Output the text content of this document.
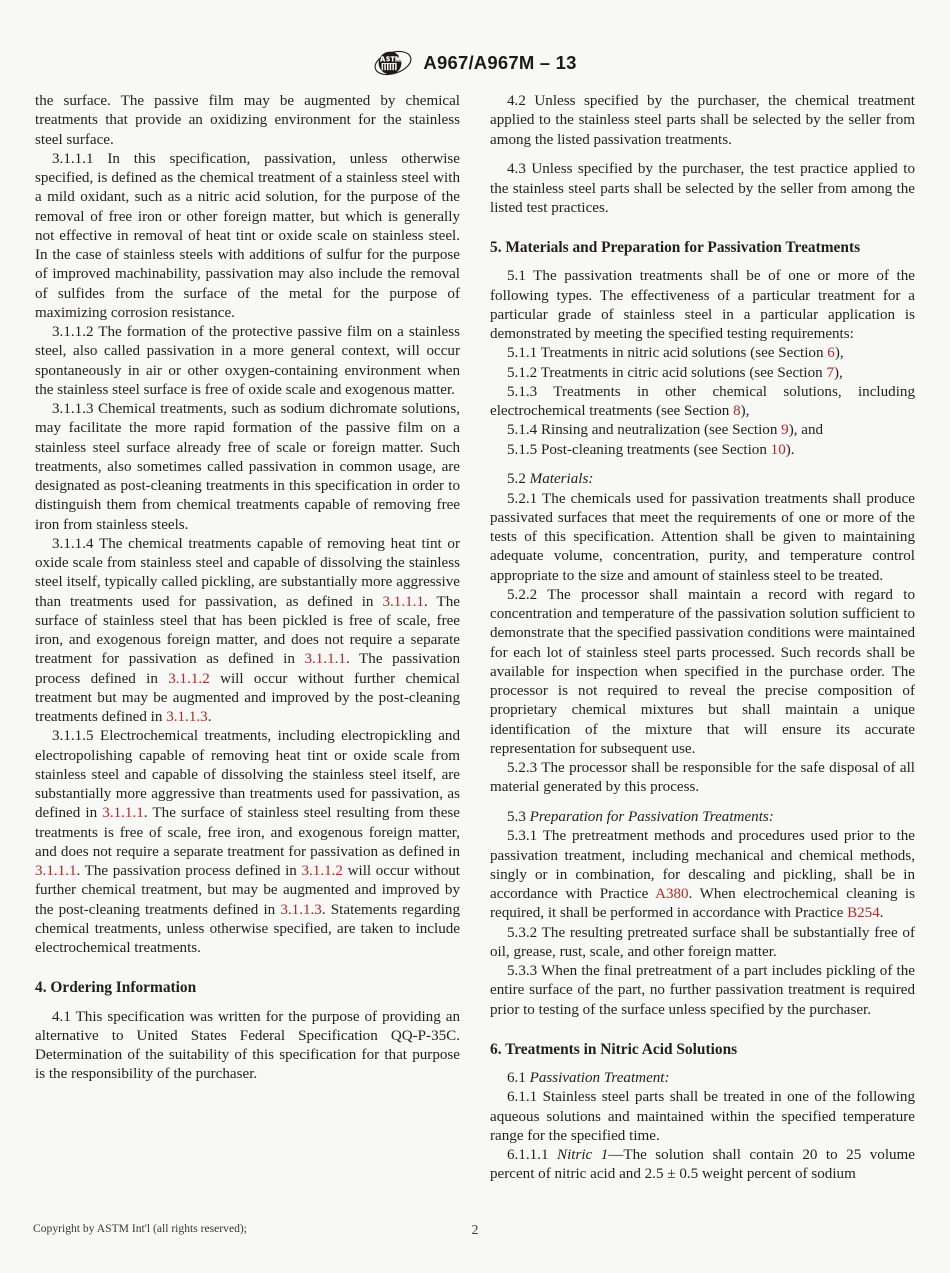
A967/A967M – 13

the surface. The passive film may be augmented by chemical treatments that provide an oxidizing environment for the stainless steel surface.

3.1.1.1 In this specification, passivation, unless otherwise specified, is defined as the chemical treatment of a stainless steel with a mild oxidant, such as a nitric acid solution, for the purpose of the removal of free iron or other foreign matter, but which is generally not effective in removal of heat tint or oxide scale on stainless steel. In the case of stainless steels with additions of sulfur for the purpose of improved machinability, passivation may also include the removal of sulfides from the surface of the metal for the purpose of maximizing corrosion resistance.

3.1.1.2 The formation of the protective passive film on a stainless steel, also called passivation in a more general context, will occur spontaneously in air or other oxygen-containing environment when the stainless steel surface is free of oxide scale and exogenous matter.

3.1.1.3 Chemical treatments, such as sodium dichromate solutions, may facilitate the more rapid formation of the passive film on a stainless steel surface already free of scale or foreign matter. Such treatments, also sometimes called passivation in common usage, are designated as post-cleaning treatments in this specification in order to distinguish them from chemical treatments capable of removing free iron from stainless steels.

3.1.1.4 The chemical treatments capable of removing heat tint or oxide scale from stainless steel and capable of dissolving the stainless steel itself, typically called pickling, are substantially more aggressive than treatments used for passivation, as defined in 3.1.1.1. The surface of stainless steel that has been pickled is free of scale, free iron, and exogenous foreign matter, and does not require a separate treatment for passivation as defined in 3.1.1.1. The passivation process defined in 3.1.1.2 will occur without further chemical treatment but may be augmented and improved by the post-cleaning treatments defined in 3.1.1.3.

3.1.1.5 Electrochemical treatments, including electropickling and electropolishing capable of removing heat tint or oxide scale from stainless steel and capable of dissolving the stainless steel itself, are substantially more aggressive than treatments used for passivation, as defined in 3.1.1.1. The surface of stainless steel resulting from these treatments is free of scale, free iron, and exogenous foreign matter, and does not require a separate treatment for passivation as defined in 3.1.1.1. The passivation process defined in 3.1.1.2 will occur without further chemical treatment, but may be augmented and improved by the post-cleaning treatments defined in 3.1.1.3. Statements regarding chemical treatments, unless otherwise specified, are taken to include electrochemical treatments.

4. Ordering Information

4.1 This specification was written for the purpose of providing an alternative to United States Federal Specification QQ-P-35C. Determination of the suitability of this specification for that purpose is the responsibility of the purchaser.

4.2 Unless specified by the purchaser, the chemical treatment applied to the stainless steel parts shall be selected by the seller from among the listed passivation treatments.

4.3 Unless specified by the purchaser, the test practice applied to the stainless steel parts shall be selected by the seller from among the listed test practices.

5. Materials and Preparation for Passivation Treatments

5.1 The passivation treatments shall be of one or more of the following types. The effectiveness of a particular treatment for a particular grade of stainless steel in a particular application is demonstrated by meeting the specified testing requirements:

5.1.1 Treatments in nitric acid solutions (see Section 6),

5.1.2 Treatments in citric acid solutions (see Section 7),

5.1.3 Treatments in other chemical solutions, including electrochemical treatments (see Section 8),

5.1.4 Rinsing and neutralization (see Section 9), and

5.1.5 Post-cleaning treatments (see Section 10).

5.2 Materials:

5.2.1 The chemicals used for passivation treatments shall produce passivated surfaces that meet the requirements of one or more of the tests of this specification. Attention shall be given to maintaining adequate volume, concentration, purity, and temperature control appropriate to the size and amount of stainless steel to be treated.

5.2.2 The processor shall maintain a record with regard to concentration and temperature of the passivation solution sufficient to demonstrate that the specified passivation conditions were maintained for each lot of stainless steel parts processed. Such records shall be available for inspection when specified in the purchase order. The processor is not required to reveal the precise composition of proprietary chemical mixtures but shall maintain a unique identification of the mixture that will ensure its accurate representation for subsequent use.

5.2.3 The processor shall be responsible for the safe disposal of all material generated by this process.

5.3 Preparation for Passivation Treatments:

5.3.1 The pretreatment methods and procedures used prior to the passivation treatment, including mechanical and chemical methods, singly or in combination, for descaling and pickling, shall be in accordance with Practice A380. When electrochemical cleaning is required, it shall be performed in accordance with Practice B254.

5.3.2 The resulting pretreated surface shall be substantially free of oil, grease, rust, scale, and other foreign matter.

5.3.3 When the final pretreatment of a part includes pickling of the entire surface of the part, no further passivation treatment is required prior to testing of the surface unless specified by the purchaser.

6. Treatments in Nitric Acid Solutions

6.1 Passivation Treatment:

6.1.1 Stainless steel parts shall be treated in one of the following aqueous solutions and maintained within the specified temperature range for the specified time.

6.1.1.1 Nitric 1—The solution shall contain 20 to 25 volume percent of nitric acid and 2.5 ± 0.5 weight percent of sodium

Copyright by ASTM Int'l (all rights reserved);	2
